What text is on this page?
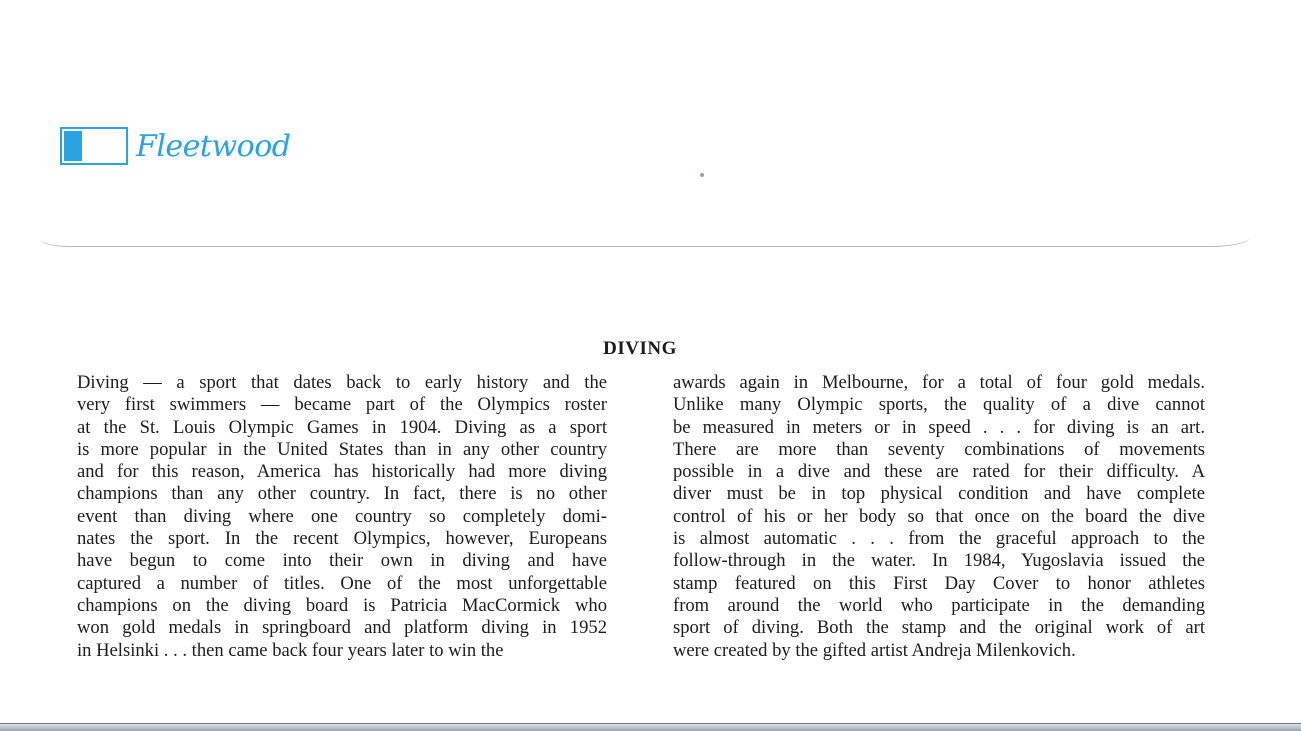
Fleetwood
DIVING
Diving — a sport that dates back to early history and the
very first swimmers — became part of the Olympics roster
at the St. Louis Olympic Games in 1904. Diving as a sport
is more popular in the United States than in any other country
and for this reason, America has historically had more diving
champions than any other country. In fact, there is no other
event than diving where one country so completely domi-
nates the sport. In the recent Olympics, however, Europeans
have begun to come into their own in diving and have
captured a number of titles. One of the most unforgettable
champions on the diving board is Patricia MacCormick who
won gold medals in springboard and platform diving in 1952
in Helsinki . . . then came back four years later to win the
awards again in Melbourne, for a total of four gold medals.
Unlike many Olympic sports, the quality of a dive cannot
be measured in meters or in speed . . . for diving is an art.
There are more than seventy combinations of movements
possible in a dive and these are rated for their difficulty. A
diver must be in top physical condition and have complete
control of his or her body so that once on the board the dive
is almost automatic . . . from the graceful approach to the
follow-through in the water. In 1984, Yugoslavia issued the
stamp featured on this First Day Cover to honor athletes
from around the world who participate in the demanding
sport of diving. Both the stamp and the original work of art
were created by the gifted artist Andreja Milenkovich.
